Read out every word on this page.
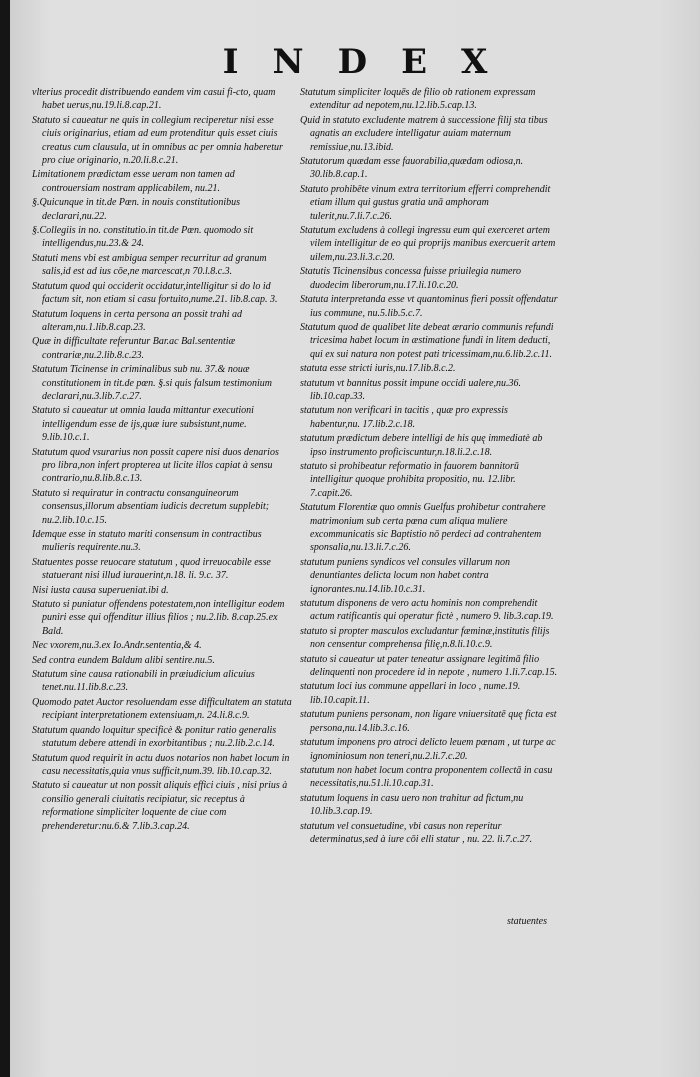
INDEX

vlterius procedit distribuendo eandem vim casui fi-cto, quam habet uerus,nu.19.li.8.cap.21.

Statuto si caueatur ne quis in collegium reciperetur nisi esse ciuis originarius, etiam ad eum protenditur quis esset ciuis creatus cum clausula, ut in omnibus ac per omnia haberetur pro ciue originario, n.20.li.8.c.21.

Limitationem prædictam esse ueram non tamen ad controuersiam nostram applicabilem, nu.21.

§.Quicunque in tit.de Pœn. in nouis constitutionibus declarari,nu.22.

§.Collegiis in no. constitutio.in tit.de Pœn. quomodo sit intelligendus,nu.23.& 24.

Statuti mens vbi est ambigua semper recurritur ad granum salis,id est ad ius cōe,ne marcescat,n 70.l.8.c.3.

Statutum quod qui occiderit occidatur,intelligitur si do lo id factum sit, non etiam si casu fortuito,nume.21. lib.8.cap. 3.

Statutum loquens in certa persona an possit trahi ad alteram,nu.1.lib.8.cap.23.

Quæ in difficultate referuntur Bar.ac Bal.sententiæ contrariæ,nu.2.lib.8.c.23.

Statutum Ticinense in criminalibus sub nu. 37.& nouæ constitutionem in tit.de pœn. §.si quis falsum testimonium declarari,nu.3.lib.7.c.27.

Statuto si caueatur ut omnia lauda mittantur executioni intelligendum esse de ijs,quæ iure subsistunt,nume. 9.lib.10.c.1.

Statutum quod vsurarius non possit capere nisi duos denarios pro libra,non infert propterea ut licite illos capiat à sensu contrario,nu.8.lib.8.c.13.

Statuto si requiratur in contractu consanguineorum consensus,illorum absentiam iudicis decretum supplebit; nu.2.lib.10.c.15.

Idemque esse in statuto mariti consensum in contractibus mulieris requirente.nu.3.

Statuentes posse reuocare statutum , quod irreuocabile esse statuerant nisi illud iurauerint,n.18. li. 9.c. 37.

Nisi iusta causa superueniat.ibi d.

Statuto si puniatur offendens potestatem,non intelligitur eodem puniri esse qui offenditur illius filios ; nu.2.lib. 8.cap.25.ex Bald.

Nec vxorem,nu.3.ex Io.Andr.sententia,& 4.

Sed contra eundem Baldum alibi sentire.nu.5.

Statutum sine causa rationabili in præiudicium alicuius tenet.nu.11.lib.8.c.23.

Quomodo patet Auctor resoluendam esse difficultatem an statuta recipiant interpretationem extensiuam,n. 24.li.8.c.9.

Statutum quando loquitur specificè & ponitur ratio generalis statutum debere attendi in exorbitantibus ; nu.2.lib.2.c.14.

Statutum quod requirit in actu duos notarios non habet locum in casu necessitatis,quia vnus sufficit,num.39. lib.10.cap.32.

Statuto si caueatur ut non possit aliquis effici ciuis , nisi prius à consilio generali ciuitatis recipiatur, sic receptus à reformatione simpliciter loquente de ciue com prehenderetur:nu.6.& 7.lib.3.cap.24.

Statutum simpliciter loquēs de filio ob rationem expressam extenditur ad nepotem,nu.12.lib.5.cap.13.

Quid in statuto excludente matrem à successione filij sta tibus agnatis an excludere intelligatur auiam maternum remissiue,nu.13.ibid.

Statutorum quædam esse fauorabilia,quædam odiosa,n. 30.lib.8.cap.1.

Statuto prohibēte vinum extra territorium efferri comprehendit etiam illum qui gustus gratia unā amphoram tulerit,nu.7.li.7.c.26.

Statutum excludens à collegi ingressu eum qui exerceret artem vilem intelligitur de eo qui proprijs manibus exercuerit artem uilem,nu.23.li.3.c.20.

Statutis Ticinensibus concessa fuisse priuilegia numero duodecim liberorum,nu.17.li.10.c.20.

Statuta interpretanda esse vt quantominus fieri possit offendatur ius commune, nu.5.lib.5.c.7.

Statutum quod de qualibet lite debeat ærario communis refundi tricesima habet locum in æstimatione fundi in litem deducti, qui ex sui natura non potest pati tricessimam,nu.6.lib.2.c.11.

statuta esse stricti iuris,nu.17.lib.8.c.2.

statutum vt bannitus possit impune occidi ualere,nu.36. lib.10.cap.33.

statutum non verificari in tacitis , quæ pro expressis habentur,nu. 17.lib.2.c.18.

statutum prædictum debere intelligi de his quę immediatè ab ipso instrumento proficiscuntur,n.18.li.2.c.18.

statuto si prohibeatur reformatio in fauorem bannitorū intelligitur quoque prohibita propositio, nu. 12.libr. 7.capit.26.

Statutum Florentiæ quo omnis Guelfus prohibetur contrahere matrimonium sub certa pœna cum aliqua muliere excommunicatis sic Baptistio nō perdeci ad contrahentem sponsalia,nu.13.li.7.c.26.

statutum puniens syndicos vel consules villarum non denuntiantes delicta locum non habet contra ignorantes.nu.14.lib.10.c.31.

statutum disponens de vero actu hominis non comprehendit actum ratificantis qui operatur fictè , numero 9. lib.3.cap.19.

statuto si propter masculos excludantur fæminæ,institutis filijs non censentur comprehensa filię,n.8.li.10.c.9.

statuto si caueatur ut pater teneatur assignare legitimā filio delinquenti non procedere id in nepote , numero 1.li.7.cap.15.

statutum loci ius commune appellari in loco , nume.19. lib.10.capit.11.

statutum puniens personam, non ligare vniuersitatē quę ficta est persona,nu.14.lib.3.c.16.

statutum imponens pro atroci delicto leuem pœnam , ut turpe ac ignominiosum non teneri,nu.2.li.7.c.20.

statutum non habet locum contra proponentem collectā in casu necessitatis,nu.51.li.10.cap.31.

statutum loquens in casu uero non trahitur ad fictum,nu 10.lib.3.cap.19.

statutum vel consuetudine, vbi casus non reperitur determinatus,sed à iure cōi elli statur , nu. 22. li.7.c.27.

statuentes
